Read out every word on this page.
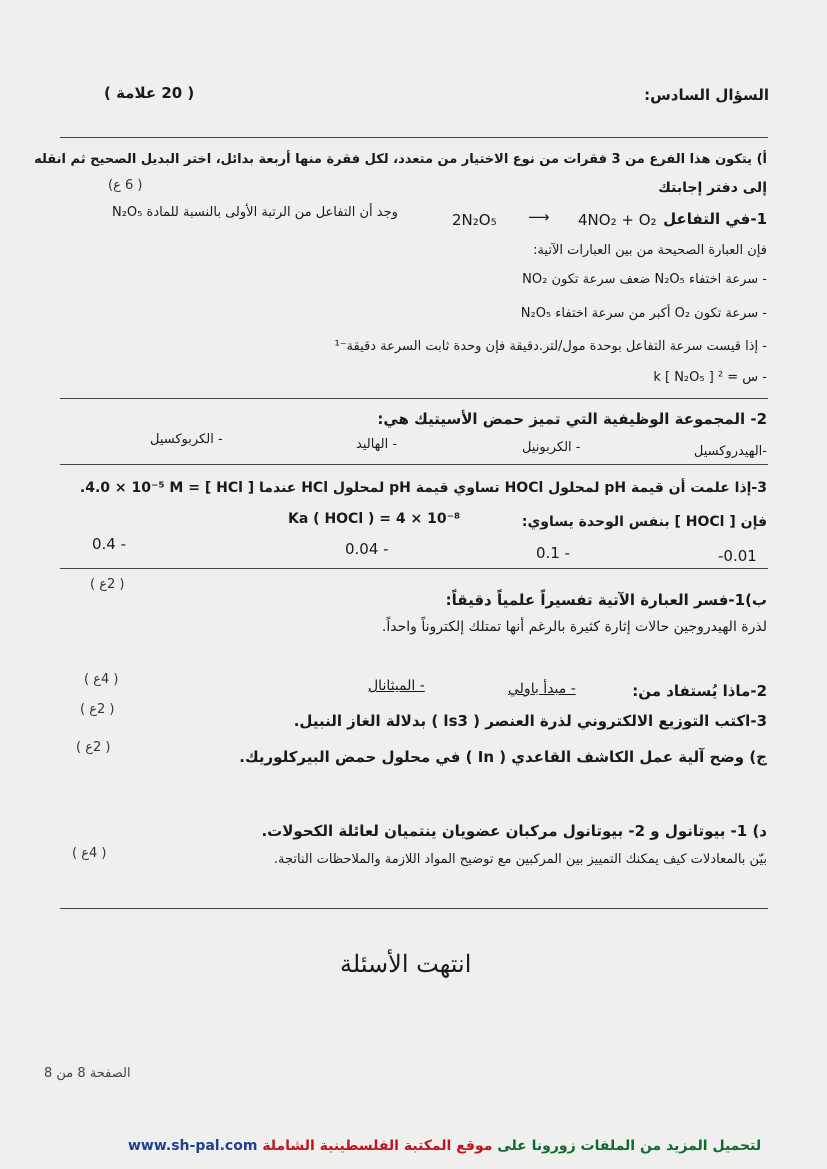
السؤال السادس:
( 20 علامة )
أ) يتكون هذا الفرع من 3 فقرات من نوع الاختيار من متعدد، لكل فقرة منها أربعة بدائل، اختر البديل الصحيح ثم انقله
إلى دفتر إجابتك
( 6 ع)
1-في التفاعل
4NO₂ + O₂
⟶
2N₂O₅
وجد أن التفاعل من الرتبة الأولى بالنسبة للمادة N₂O₅
فإن العبارة الصحيحة من بين العبارات الآتية:
- سرعة اختفاء N₂O₅ ضعف سرعة تكون NO₂
- سرعة تكون O₂ أكبر من سرعة اختفاء N₂O₅
- إذا قيست سرعة التفاعل بوحدة مول/لتر.دقيقة فإن وحدة ثابت السرعة دقيقة⁻¹
- س = k [ N₂O₅ ] ²
2- المجموعة الوظيفية التي تميز حمض الأسيتيك هي:
-الهيدروكسيل
- الكربونيل
- الهاليد
- الكربوكسيل
3-إذا علمت أن قيمة pH لمحلول HOCl تساوي قيمة pH لمحلول HCl عندما [ HCl ] = 4.0 × 10⁻⁵ M.
فإن [ HOCl ] بنفس الوحدة يساوي:
Ka ( HOCl ) = 4 × 10⁻⁸
0.01-
- 0.1
- 0.04
- 0.4
( 2ع )
ب)1-فسر العبارة الآتية تفسيراً علمياً دقيقاً:
لذرة الهيدروجين حالات إثارة كثيرة بالرغم أنها تمتلك إلكتروناً واحداً.
2-ماذا يُستفاد من:
- مبدأ باولي
- الميثانال
( 4ع )
3-اكتب التوزيع الالكتروني لذرة العنصر ( s3ا ) بدلالة الغاز النبيل.
( 2ع )
ج) وضح آلية عمل الكاشف القاعدي ( In ) في محلول حمض البيركلوريك.
( 2ع )
د) 1- بيوتانول و 2- بيوتانول مركبان عضويان ينتميان لعائلة الكحولات.
بيّن بالمعادلات كيف يمكنك التمييز بين المركبين مع توضيح المواد اللازمة والملاحظات الناتجة.
( 4ع )
انتهت الأسئلة
الصفحة 8 من 8
لتحميل المزيد من الملفات زورونا على موقع المكتبة الفلسطينية الشاملة www.sh-pal.com
